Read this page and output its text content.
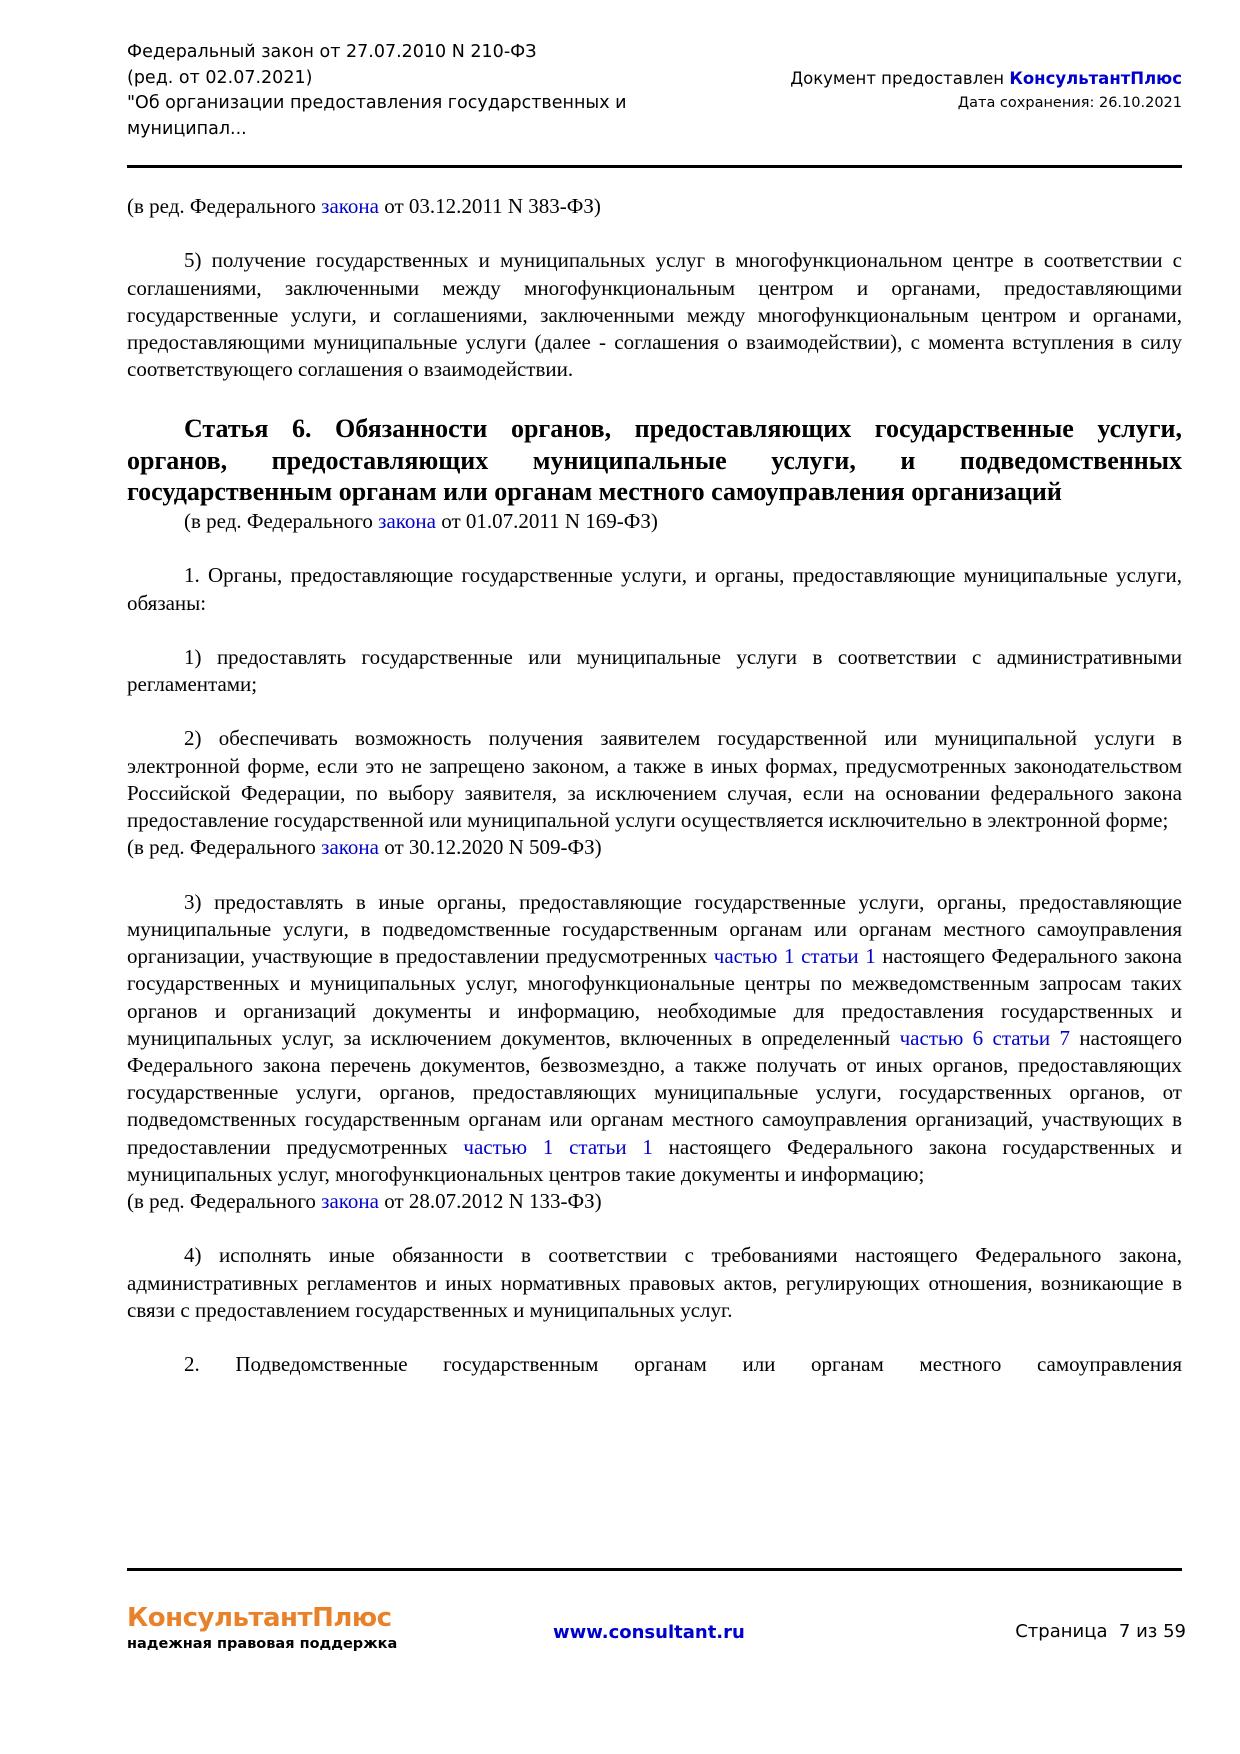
Федеральный закон от 27.07.2010 N 210-ФЗ
(ред. от 02.07.2021)
"Об организации предоставления государственных и
муниципал...
Документ предоставлен КонсультантПлюс
Дата сохранения: 26.10.2021

(в ред. Федерального закона от 03.12.2011 N 383-ФЗ)

5) получение государственных и муниципальных услуг в многофункциональном центре в соответствии с соглашениями, заключенными между многофункциональным центром и органами, предоставляющими государственные услуги, и соглашениями, заключенными между многофункциональным центром и органами, предоставляющими муниципальные услуги (далее - соглашения о взаимодействии), с момента вступления в силу соответствующего соглашения о взаимодействии.

Статья 6. Обязанности органов, предоставляющих государственные услуги, органов, предоставляющих муниципальные услуги, и подведомственных государственным органам или органам местного самоуправления организаций

(в ред. Федерального закона от 01.07.2011 N 169-ФЗ)

1. Органы, предоставляющие государственные услуги, и органы, предоставляющие муниципальные услуги, обязаны:

1) предоставлять государственные или муниципальные услуги в соответствии с административными регламентами;

2) обеспечивать возможность получения заявителем государственной или муниципальной услуги в электронной форме, если это не запрещено законом, а также в иных формах, предусмотренных законодательством Российской Федерации, по выбору заявителя, за исключением случая, если на основании федерального закона предоставление государственной или муниципальной услуги осуществляется исключительно в электронной форме;

(в ред. Федерального закона от 30.12.2020 N 509-ФЗ)

3) предоставлять в иные органы, предоставляющие государственные услуги, органы, предоставляющие муниципальные услуги, в подведомственные государственным органам или органам местного самоуправления организации, участвующие в предоставлении предусмотренных частью 1 статьи 1 настоящего Федерального закона государственных и муниципальных услуг, многофункциональные центры по межведомственным запросам таких органов и организаций документы и информацию, необходимые для предоставления государственных и муниципальных услуг, за исключением документов, включенных в определенный частью 6 статьи 7 настоящего Федерального закона перечень документов, безвозмездно, а также получать от иных органов, предоставляющих государственные услуги, органов, предоставляющих муниципальные услуги, государственных органов, от подведомственных государственным органам или органам местного самоуправления организаций, участвующих в предоставлении предусмотренных частью 1 статьи 1 настоящего Федерального закона государственных и муниципальных услуг, многофункциональных центров такие документы и информацию;

(в ред. Федерального закона от 28.07.2012 N 133-ФЗ)

4) исполнять иные обязанности в соответствии с требованиями настоящего Федерального закона, административных регламентов и иных нормативных правовых актов, регулирующих отношения, возникающие в связи с предоставлением государственных и муниципальных услуг.

2. Подведомственные государственным органам или органам местного самоуправления

КонсультантПлюс
надежная правовая поддержка
www.consultant.ru	Страница  7 из 59
